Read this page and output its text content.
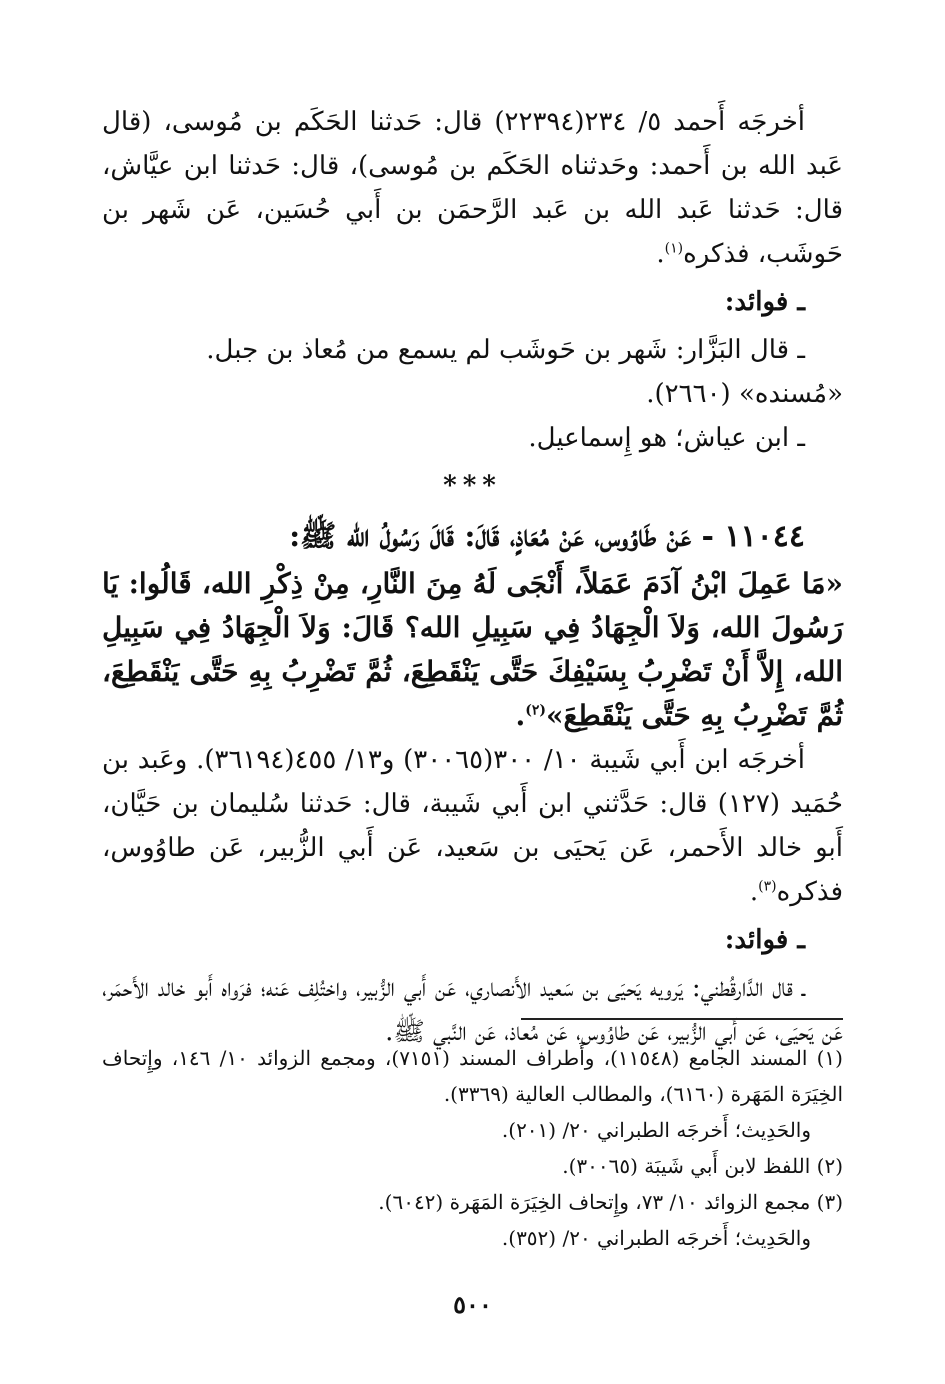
أخرجَه أَحمد ٥/ ٢٣٤(٢٢٣٩٤) قال: حَدثنا الحَكَم بن مُوسى، (قال عَبد الله بن أَحمد: وحَدثناه الحَكَم بن مُوسى)، قال: حَدثنا ابن عيَّاش، قال: حَدثنا عَبد الله بن عَبد الرَّحمَن بن أَبي حُسَين، عَن شَهر بن حَوشَب، فذكره$^{(١)}$.

ـ فوائد:

ـ قال البَزَّار: شَهر بن حَوشَب لم يسمع من مُعاذ بن جبل. «مُسنده» (٢٦٦٠).

ـ ابن عياش؛ هو إِسماعيل.

***

١١٠٤٤ - عَنْ طَاوُوس، عَنْ مُعَاذٍ، قَالَ: قَالَ رَسُولُ الله ﷺ:

«مَا عَمِلَ ابْنُ آدَمَ عَمَلاً، أَنْجَى لَهُ مِنَ النَّارِ، مِنْ ذِكْرِ الله، قَالُوا: يَا رَسُولَ الله، وَلاَ الْجِهَادُ فِي سَبِيلِ الله؟ قَالَ: وَلاَ الْجِهَادُ فِي سَبِيلِ الله، إِلاَّ أَنْ تَضْرِبُ بِسَيْفِكَ حَتَّى يَنْقَطِعَ، ثُمَّ تَضْرِبُ بِهِ حَتَّى يَنْقَطِعَ، ثُمَّ تَضْرِبُ بِهِ حَتَّى يَنْقَطِعَ»$^{(٢)}$.

أخرجَه ابن أَبي شَيبة ١٠/ ٣٠٠(٣٠٠٦٥) و١٣/ ٤٥٥(٣٦١٩٤). وعَبد بن حُمَيد (١٢٧) قال: حَدَّثني ابن أَبي شَيبة، قال: حَدثنا سُليمان بن حَيَّان، أَبو خالد الأَحمر، عَن يَحيَى بن سَعيد، عَن أَبي الزُّبير، عَن طاوُوس، فذكره$^{(٣)}$.

ـ فوائد:

ـ قال الدَّارقُطني: يَرويه يَحيَى بن سَعيد الأَنصاري، عَن أَبي الزُّبير، واختُلِف عَنه؛ فرَواه أَبو خالد الأَحمَر، عَن يَحيَى، عَن أَبي الزُّبير، عَن طاوُوس، عَن مُعاذ، عَن النَّبي ﷺ.

(١) المسند الجامع (١١٥٤٨)، وأَطراف المسند (٧١٥١)، ومجمع الزوائد ١٠/ ١٤٦، وإِتحاف الخِيَرَة المَهَرة (٦١٦٠)، والمطالب العالية (٣٣٦٩).

والحَدِيث؛ أَخرجَه الطبراني ٢٠/ (٢٠١).

(٢) اللفظ لابن أَبي شَيبَة (٣٠٠٦٥).

(٣) مجمع الزوائد ١٠/ ٧٣، وإِتحاف الخِيَرَة المَهَرة (٦٠٤٢).

والحَدِيث؛ أَخرجَه الطبراني ٢٠/ (٣٥٢).

٥٠٠
